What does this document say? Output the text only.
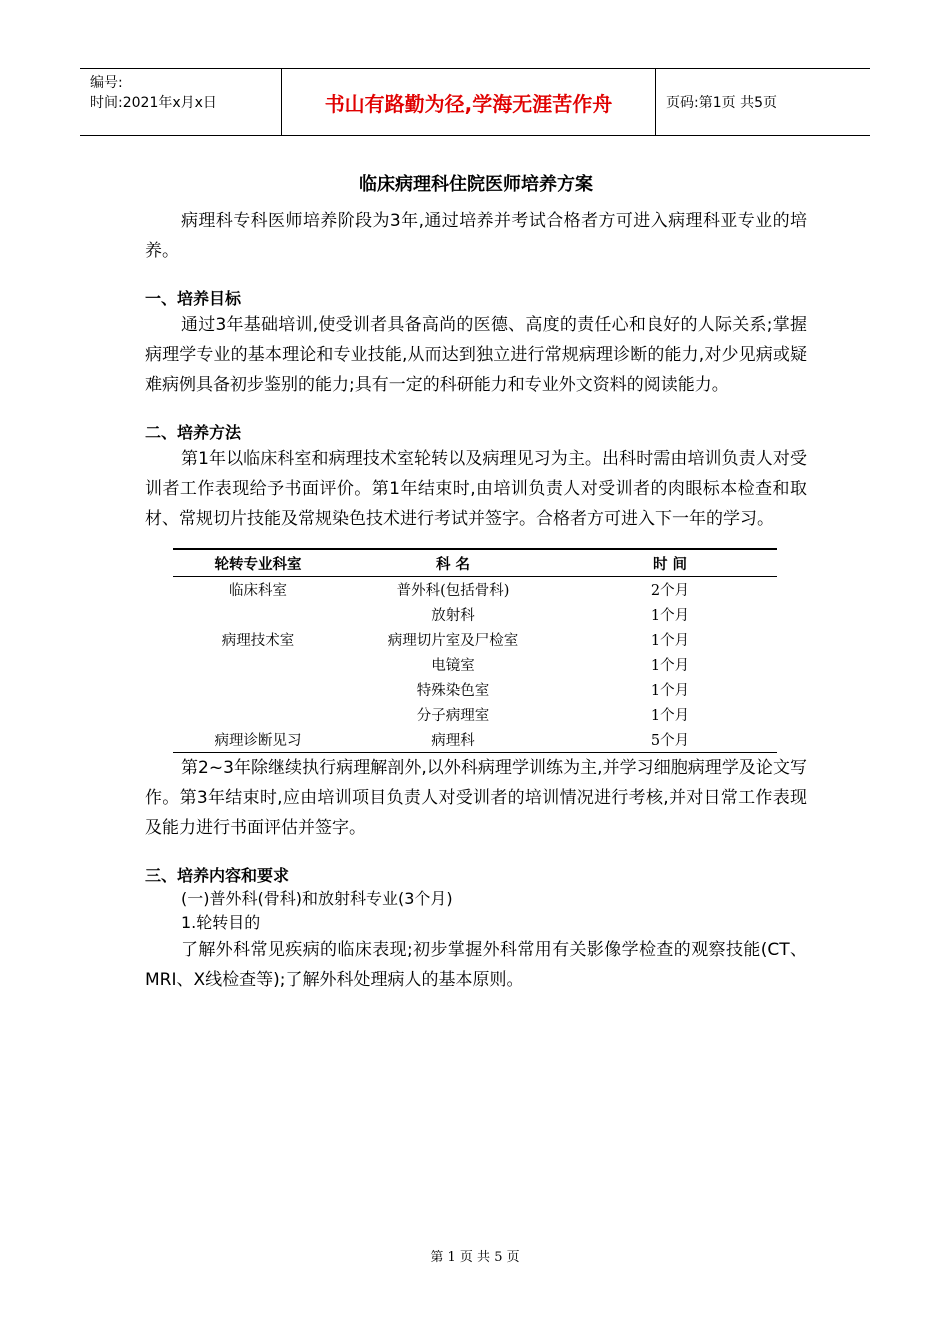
编号:
时间:2021年x月x日	书山有路勤为径,学海无涯苦作舟	页码:第1页 共5页
临床病理科住院医师培养方案

病理科专科医师培养阶段为3年,通过培养并考试合格者方可进入病理科亚专业的培养。

一、培养目标

通过3年基础培训,使受训者具备高尚的医德、高度的责任心和良好的人际关系;掌握病理学专业的基本理论和专业技能,从而达到独立进行常规病理诊断的能力,对少见病或疑难病例具备初步鉴别的能力;具有一定的科研能力和专业外文资料的阅读能力。

二、培养方法

第1年以临床科室和病理技术室轮转以及病理见习为主。出科时需由培训负责人对受训者工作表现给予书面评价。第1年结束时,由培训负责人对受训者的肉眼标本检查和取材、常规切片技能及常规染色技术进行考试并签字。合格者方可进入下一年的学习。

轮转专业科室	科 名	时 间
临床科室	普外科(包括骨科)	2个月
	放射科	1个月
病理技术室	病理切片室及尸检室	1个月
	电镜室	1个月
	特殊染色室	1个月
	分子病理室	1个月
病理诊断见习	病理科	5个月

第2~3年除继续执行病理解剖外,以外科病理学训练为主,并学习细胞病理学及论文写作。第3年结束时,应由培训项目负责人对受训者的培训情况进行考核,并对日常工作表现及能力进行书面评估并签字。

三、培养内容和要求
(一)普外科(骨科)和放射科专业(3个月)
1.轮转目的

了解外科常见疾病的临床表现;初步掌握外科常用有关影像学检查的观察技能(CT、MRI、X线检查等);了解外科处理病人的基本原则。

第 1 页 共 5 页
